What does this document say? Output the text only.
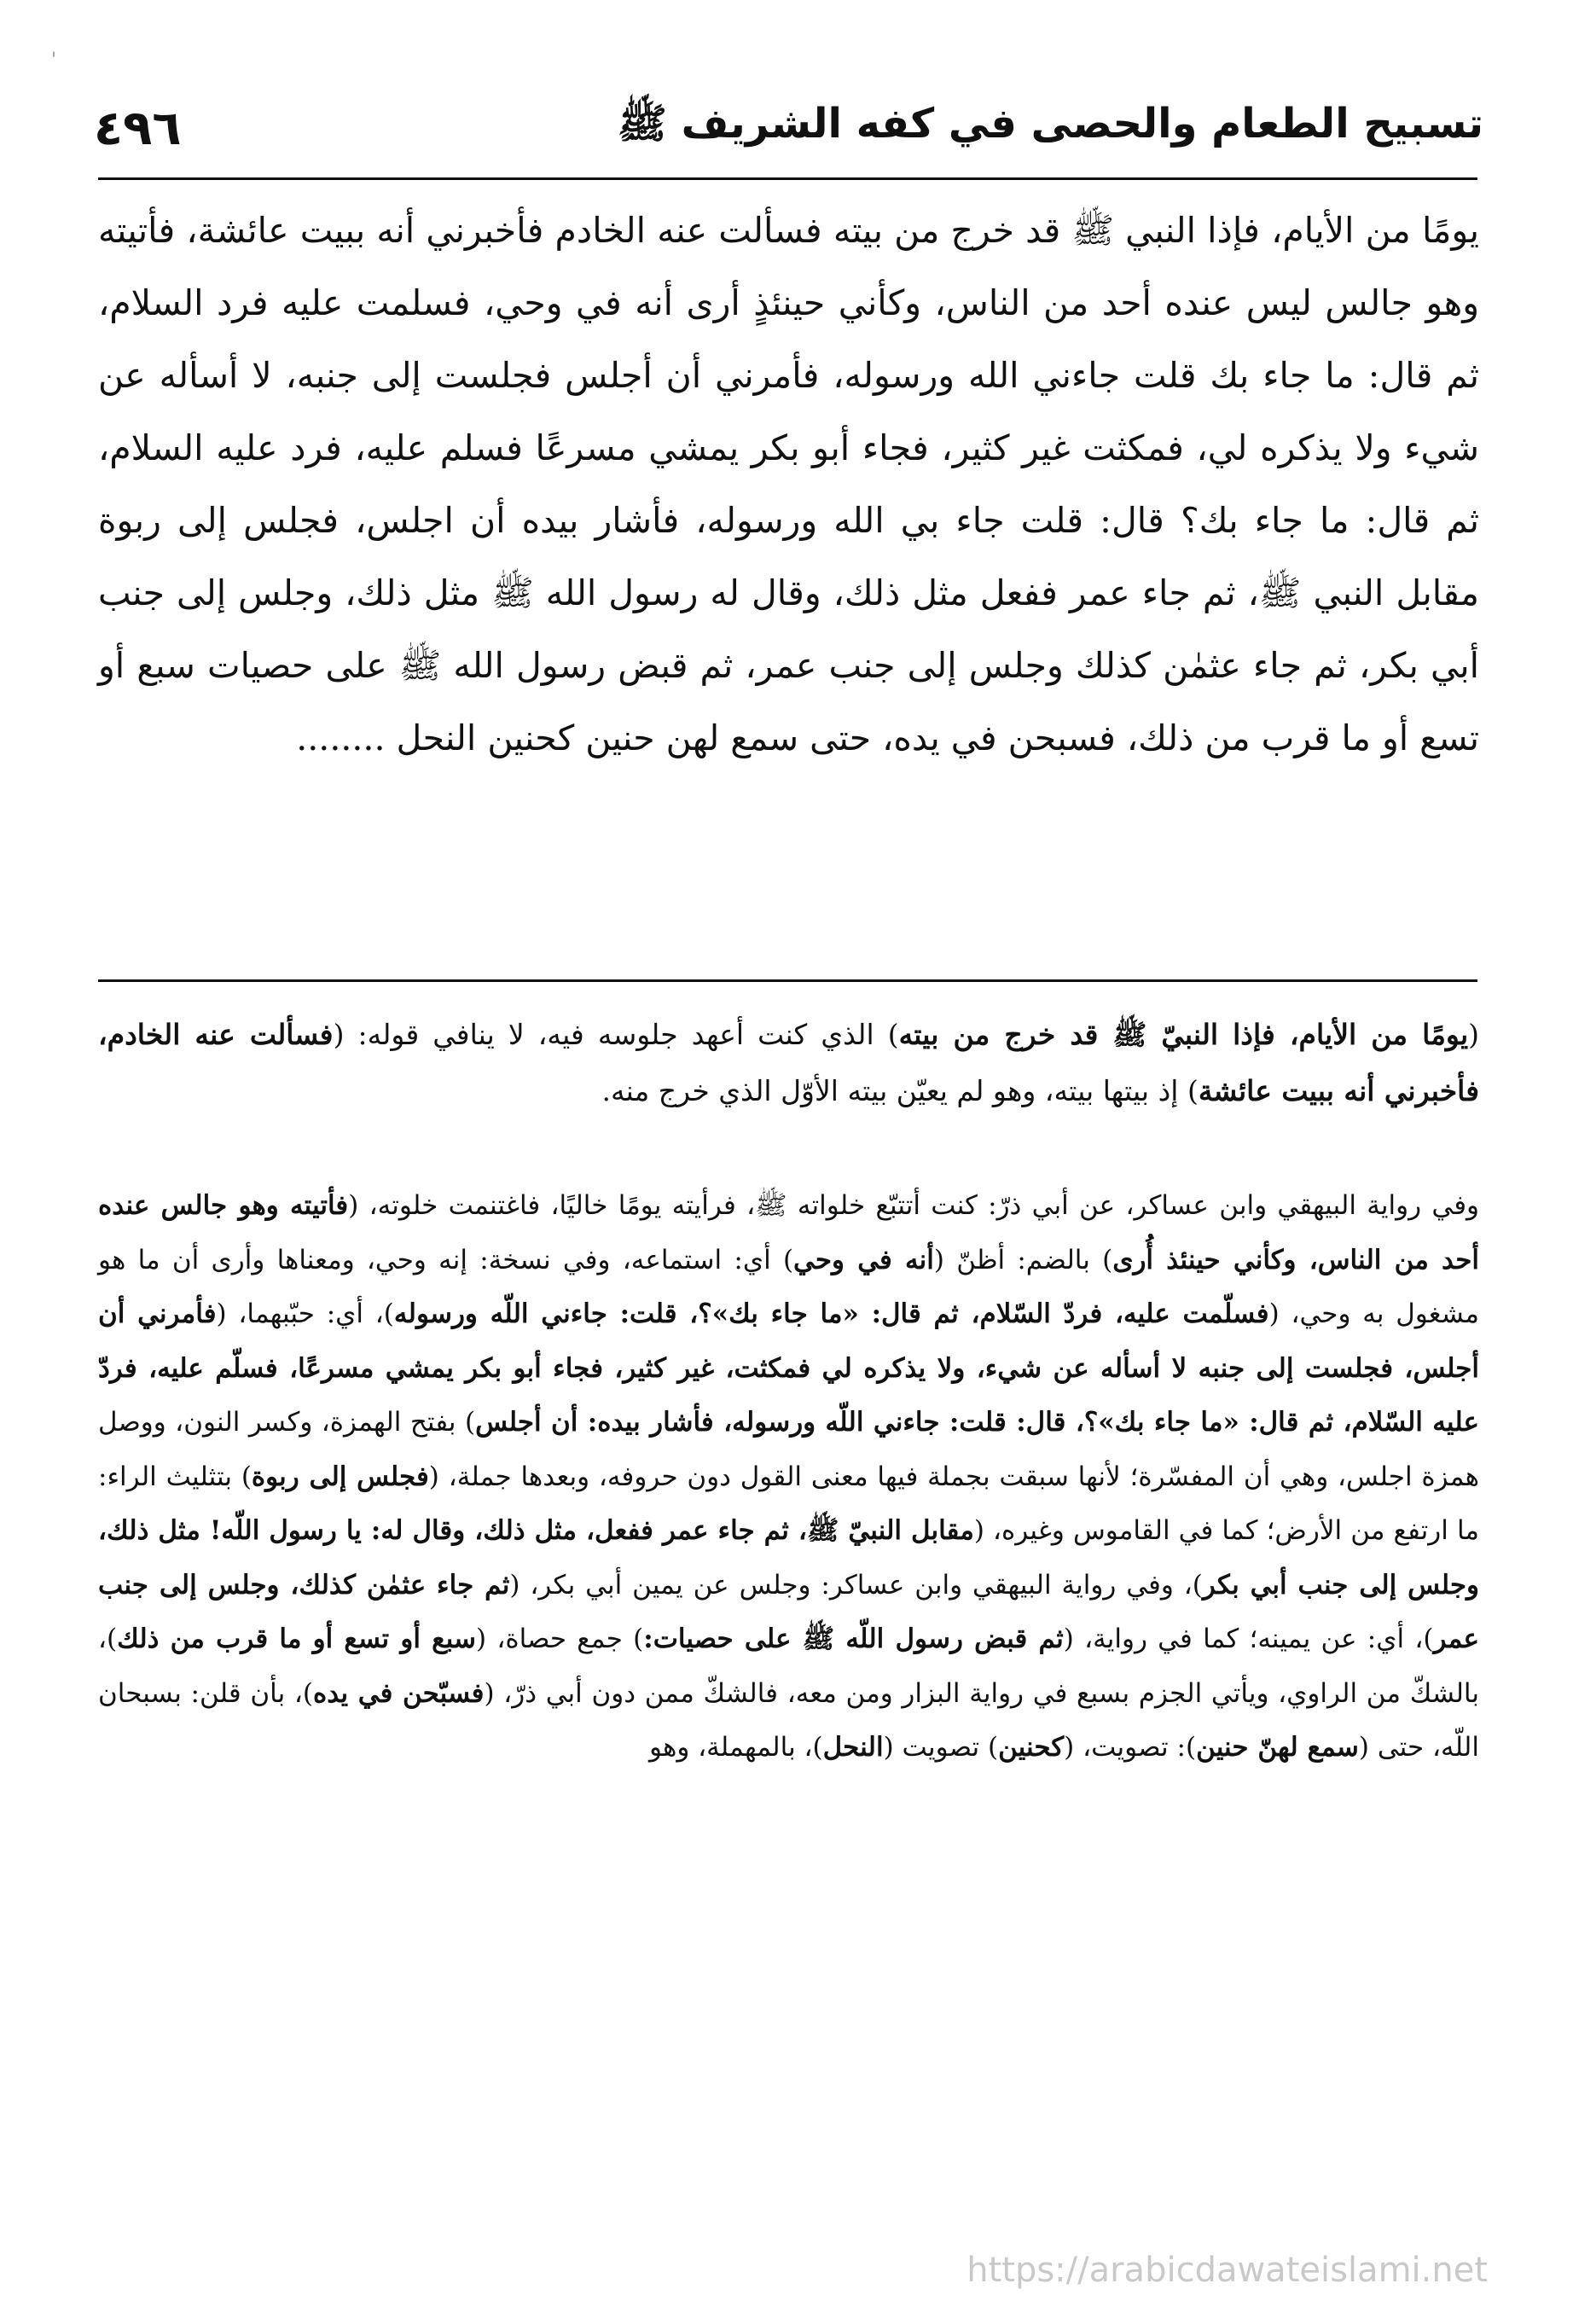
'
تسبيح الطعام والحصى في كفه الشريف ﷺ
٤٩٦

يومًا من الأيام، فإذا النبي ﷺ قد خرج من بيته فسألت عنه الخادم فأخبرني أنه ببيت عائشة، فأتيته وهو جالس ليس عنده أحد من الناس، وكأني حينئذٍ أرى أنه في وحي، فسلمت عليه فرد السلام، ثم قال: ما جاء بك قلت جاءني الله ورسوله، فأمرني أن أجلس فجلست إلى جنبه، لا أسأله عن شيء ولا يذكره لي، فمكثت غير كثير، فجاء أبو بكر يمشي مسرعًا فسلم عليه، فرد عليه السلام، ثم قال: ما جاء بك؟ قال: قلت جاء بي الله ورسوله، فأشار بيده أن اجلس، فجلس إلى ربوة مقابل النبي ﷺ، ثم جاء عمر ففعل مثل ذلك، وقال له رسول الله ﷺ مثل ذلك، وجلس إلى جنب أبي بكر، ثم جاء عثمٰن كذلك وجلس إلى جنب عمر، ثم قبض رسول الله ﷺ على حصيات سبع أو تسع أو ما قرب من ذلك، فسبحن في يده، حتى سمع لهن حنين كحنين النحل ........

(يومًا من الأيام، فإذا النبيّ ﷺ قد خرج من بيته) الذي كنت أعهد جلوسه فيه، لا ينافي قوله: (فسألت عنه الخادم، فأخبرني أنه ببيت عائشة) إذ بيتها بيته، وهو لم يعيّن بيته الأوّل الذي خرج منه.

وفي رواية البيهقي وابن عساكر، عن أبي ذرّ: كنت أتتبّع خلواته ﷺ، فرأيته يومًا خاليًا، فاغتنمت خلوته، (فأتيته وهو جالس عنده أحد من الناس، وكأني حينئذ أُرى) بالضم: أظنّ (أنه في وحي) أي: استماعه، وفي نسخة: إنه وحي، ومعناها وأرى أن ما هو مشغول به وحي، (فسلّمت عليه، فردّ السّلام، ثم قال: «ما جاء بك»؟، قلت: جاءني اللّه ورسوله)، أي: حبّبهما، (فأمرني أن أجلس، فجلست إلى جنبه لا أسأله عن شيء، ولا يذكره لي فمكثت، غير كثير، فجاء أبو بكر يمشي مسرعًا، فسلّم عليه، فردّ عليه السّلام، ثم قال: «ما جاء بك»؟، قال: قلت: جاءني اللّه ورسوله، فأشار بيده: أن أجلس) بفتح الهمزة، وكسر النون، ووصل همزة اجلس، وهي أن المفسّرة؛ لأنها سبقت بجملة فيها معنى القول دون حروفه، وبعدها جملة، (فجلس إلى ربوة) بتثليث الراء: ما ارتفع من الأرض؛ كما في القاموس وغيره، (مقابل النبيّ ﷺ، ثم جاء عمر ففعل، مثل ذلك، وقال له: يا رسول اللّه! مثل ذلك، وجلس إلى جنب أبي بكر)، وفي رواية البيهقي وابن عساكر: وجلس عن يمين أبي بكر، (ثم جاء عثمٰن كذلك، وجلس إلى جنب عمر)، أي: عن يمينه؛ كما في رواية، (ثم قبض رسول اللّه ﷺ على حصيات:) جمع حصاة، (سبع أو تسع أو ما قرب من ذلك)، بالشكّ من الراوي، ويأتي الجزم بسبع في رواية البزار ومن معه، فالشكّ ممن دون أبي ذرّ، (فسبّحن في يده)، بأن قلن: بسبحان اللّه، حتى (سمع لهنّ حنين): تصويت، (كحنين) تصويت (النحل)، بالمهملة، وهو

https://arabicdawateislami.net
